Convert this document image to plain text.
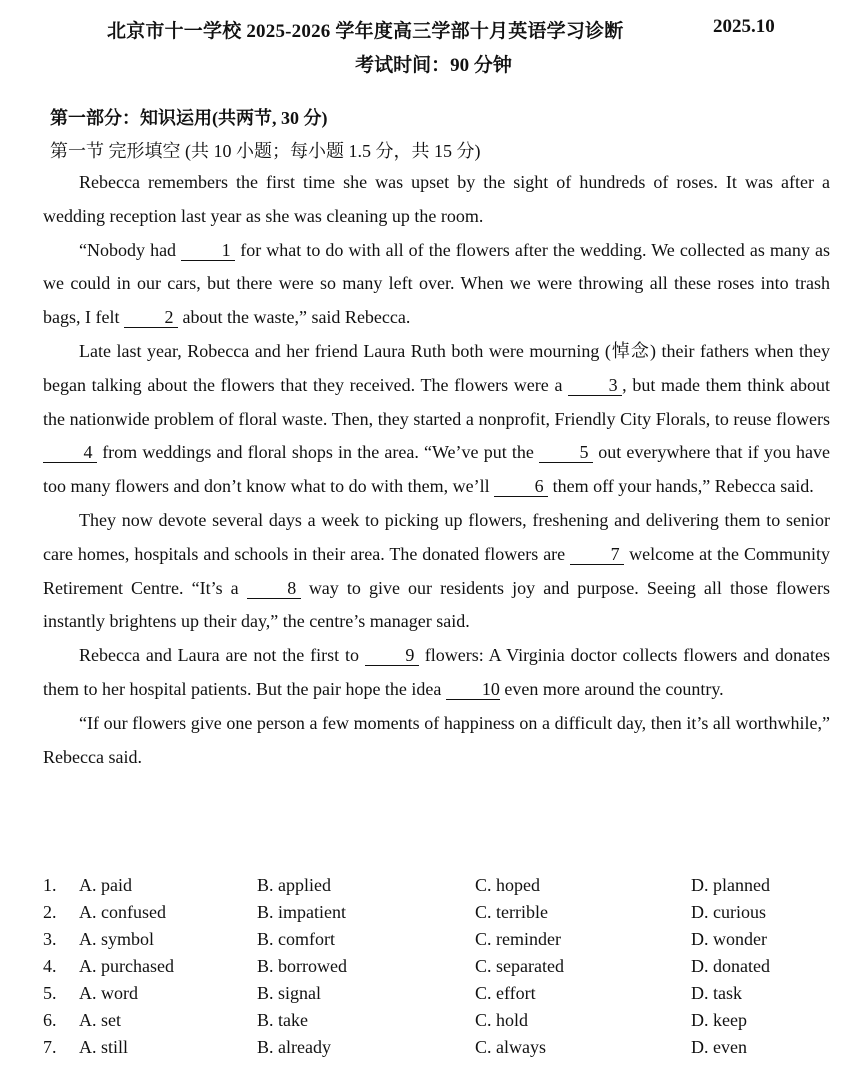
北京市十一学校 2025-2026 学年度高三学部十月英语学习诊断	2025.10
考试时间：90 分钟
第一部分：知识运用(共两节, 30 分)
第一节 完形填空 (共 10 小题；每小题 1.5 分，共 15 分)

Rebecca remembers the first time she was upset by the sight of hundreds of roses. It was after a wedding reception last year as she was cleaning up the room.

“Nobody had	1 for what to do with all of the flowers after the wedding. We collected as many as we could in our cars, but there were so many left over. When we were throwing all these roses into trash bags, I felt	2 about the waste,” said Rebecca.

Late last year, Robecca and her friend Laura Ruth both were mourning (悼念) their fathers when they began talking about the flowers that they received. The flowers were a	3 , but made them think about the nationwide problem of floral waste. Then, they started a nonprofit, Friendly City Florals, to reuse flowers 4 from weddings and floral shops in the area. “We’ve put the	5 out everywhere that if you have too many flowers and don’t know what to do with them, we’ll	6 them off your hands,” Rebecca said.

They now devote several days a week to picking up flowers, freshening and delivering them to senior care homes, hospitals and schools in their area. The donated flowers are	7 welcome at the Community Retirement Centre. “It’s a	8 way to give our residents joy and purpose. Seeing all those flowers instantly brightens up their day,” the centre’s manager said.

Rebecca and Laura are not the first to	9 flowers: A Virginia doctor collects flowers and donates them to her hospital patients. But the pair hope the idea 10 even more around the country.

“If our flowers give one person a few moments of happiness on a difficult day, then it’s all worthwhile,” Rebecca said.

1. A. paid	B. applied	C. hoped	D. planned
2. A. confused	B. impatient	C. terrible	D. curious
3. A. symbol	B. comfort	C. reminder	D. wonder
4. A. purchased	B. borrowed	C. separated	D. donated
5. A. word	B. signal	C. effort	D. task
6. A. set	B. take	C. hold	D. keep
7. A. still	B. already	C. always	D. even
